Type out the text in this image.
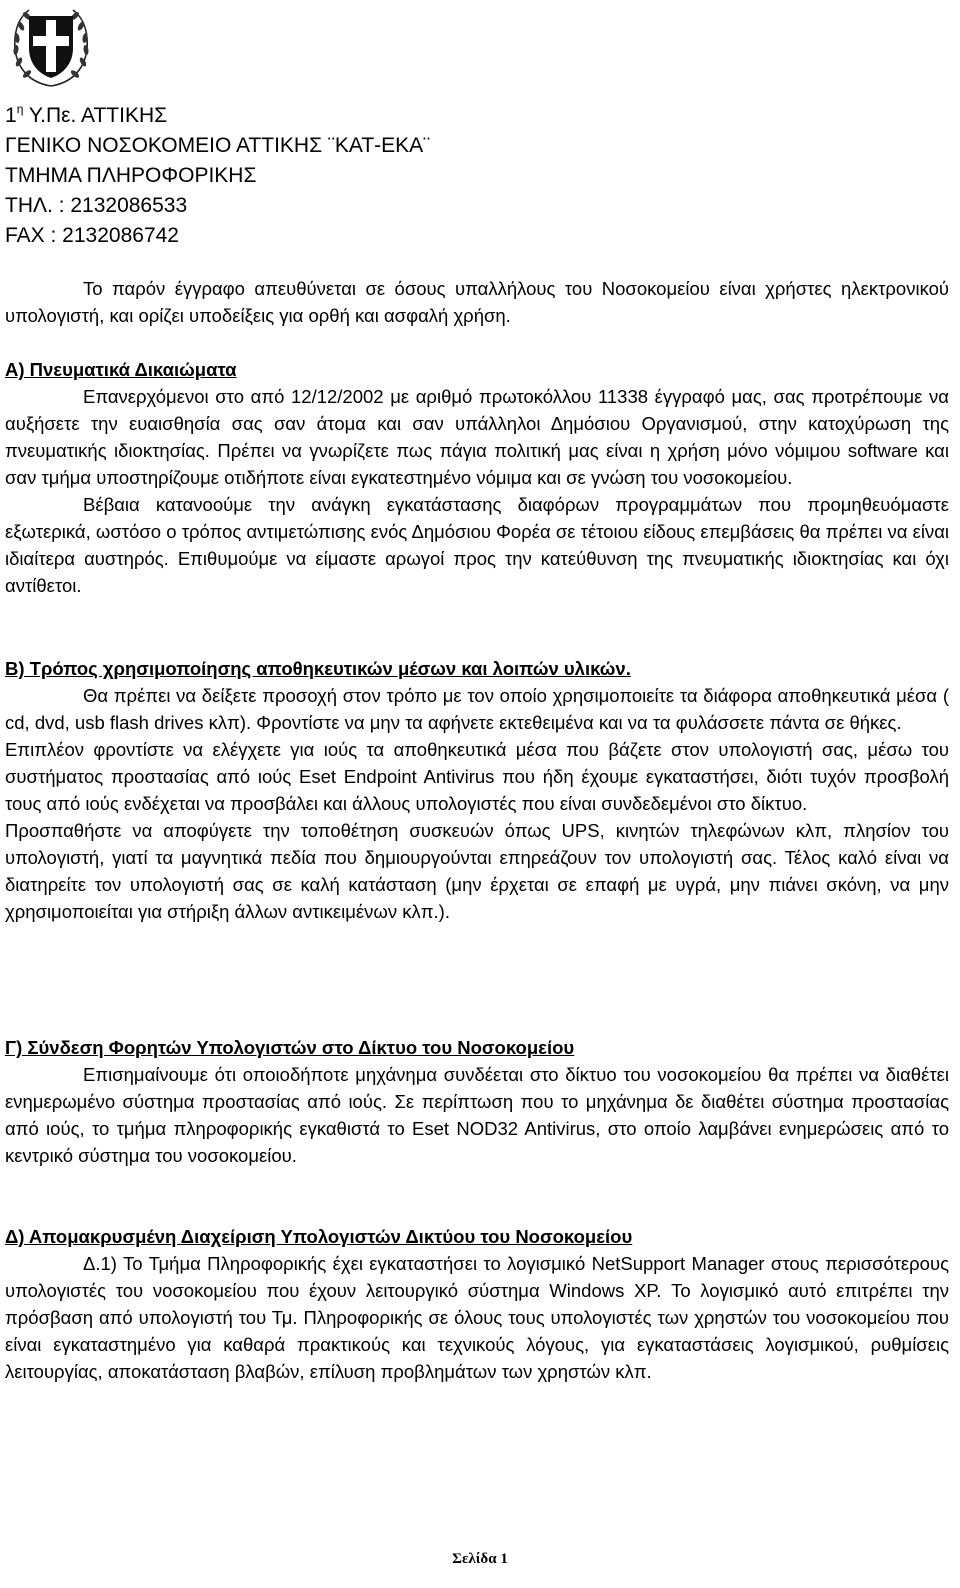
$1^\eta$ Υ.Πε. ΑΤΤΙΚΗΣ
ΓΕΝΙΚΟ ΝΟΣΟΚΟΜΕΙΟ ΑΤΤΙΚΗΣ ¨ΚΑΤ-ΕΚΑ¨
ΤΜΗΜΑ ΠΛΗΡΟΦΟΡΙΚΗΣ
ΤΗΛ. : 2132086533
FAX : 2132086742

Το παρόν έγγραφο απευθύνεται σε όσους υπαλλήλους του Νοσοκομείου είναι χρήστες ηλεκτρονικού υπολογιστή, και ορίζει υποδείξεις για ορθή και ασφαλή χρήση.

Α) Πνευματικά Δικαιώματα

Επανερχόμενοι στο από 12/12/2002 με αριθμό πρωτοκόλλου 11338 έγγραφό μας, σας προτρέπουμε να αυξήσετε την ευαισθησία σας σαν άτομα και σαν υπάλληλοι Δημόσιου Οργανισμού, στην κατοχύρωση της πνευματικής ιδιοκτησίας. Πρέπει να γνωρίζετε πως πάγια πολιτική μας είναι η χρήση μόνο νόμιμου software και σαν τμήμα υποστηρίζουμε οτιδήποτε είναι εγκατεστημένο νόμιμα και σε γνώση του νοσοκομείου.

Βέβαια κατανοούμε την ανάγκη εγκατάστασης διαφόρων προγραμμάτων που προμηθευόμαστε εξωτερικά, ωστόσο ο τρόπος αντιμετώπισης ενός Δημόσιου Φορέα σε τέτοιου είδους επεμβάσεις θα πρέπει να είναι ιδιαίτερα αυστηρός. Επιθυμούμε να είμαστε αρωγοί προς την κατεύθυνση της πνευματικής ιδιοκτησίας και όχι αντίθετοι.

Β) Τρόπος χρησιμοποίησης αποθηκευτικών μέσων και λοιπών υλικών.

Θα πρέπει να δείξετε προσοχή στον τρόπο με τον οποίο χρησιμοποιείτε τα διάφορα αποθηκευτικά μέσα ( cd, dvd, usb flash drives κλπ). Φροντίστε να μην τα αφήνετε εκτεθειμένα και να τα φυλάσσετε πάντα σε θήκες.

Επιπλέον φροντίστε να ελέγχετε για ιούς τα αποθηκευτικά μέσα που βάζετε στον υπολογιστή σας, μέσω του συστήματος προστασίας από ιούς Eset Endpoint Antivirus που ήδη έχουμε εγκαταστήσει, διότι τυχόν προσβολή τους από ιούς ενδέχεται να προσβάλει και άλλους υπολογιστές που είναι συνδεδεμένοι στο δίκτυο.

Προσπαθήστε να αποφύγετε την τοποθέτηση συσκευών όπως UPS, κινητών τηλεφώνων κλπ, πλησίον του υπολογιστή, γιατί τα μαγνητικά πεδία που δημιουργούνται επηρεάζουν τον υπολογιστή σας. Τέλος καλό είναι να διατηρείτε τον υπολογιστή σας σε καλή κατάσταση (μην έρχεται σε επαφή με υγρά, μην πιάνει σκόνη, να μην χρησιμοποιείται για στήριξη άλλων αντικειμένων κλπ.).

Γ) Σύνδεση Φορητών Υπολογιστών στο Δίκτυο του Νοσοκομείου

Επισημαίνουμε ότι οποιοδήποτε μηχάνημα συνδέεται στο δίκτυο του νοσοκομείου θα πρέπει να διαθέτει ενημερωμένο σύστημα προστασίας από ιούς. Σε περίπτωση που το μηχάνημα δε διαθέτει σύστημα προστασίας από ιούς, το τμήμα πληροφορικής εγκαθιστά το Eset NOD32 Antivirus, στο οποίο λαμβάνει ενημερώσεις από το κεντρικό σύστημα του νοσοκομείου.

Δ) Απομακρυσμένη Διαχείριση Υπολογιστών Δικτύου του Νοσοκομείου

Δ.1) Το Τμήμα Πληροφορικής έχει εγκαταστήσει το λογισμικό NetSupport Manager στους περισσότερους υπολογιστές του νοσοκομείου που έχουν λειτουργικό σύστημα Windows XP. Το λογισμικό αυτό επιτρέπει την πρόσβαση από υπολογιστή του Τμ. Πληροφορικής σε όλους τους υπολογιστές των χρηστών του νοσοκομείου που είναι εγκαταστημένο για καθαρά πρακτικούς και τεχνικούς λόγους, για εγκαταστάσεις λογισμικού, ρυθμίσεις λειτουργίας, αποκατάσταση βλαβών, επίλυση προβλημάτων των χρηστών κλπ.

Σελίδα 1
